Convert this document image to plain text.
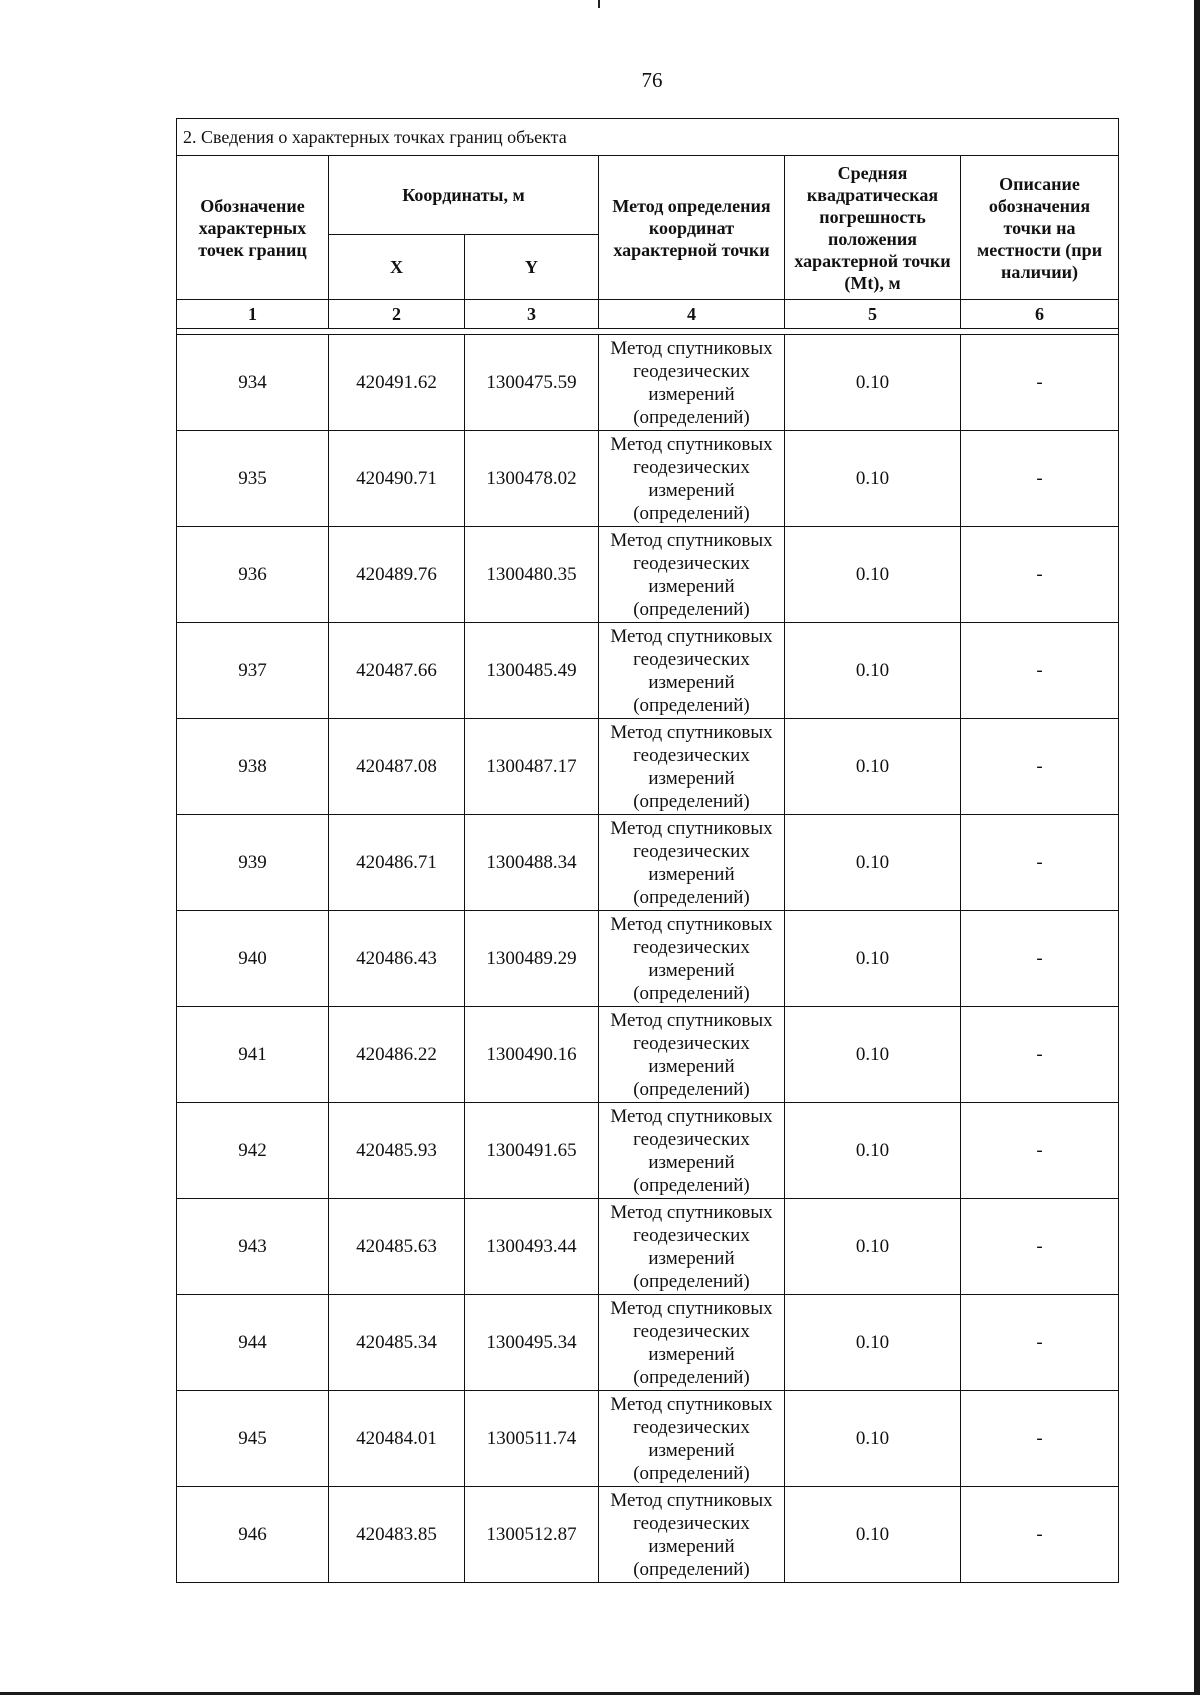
76
2. Сведения о характерных точках границ объекта					
Обозначение характерных точек границ	Координаты, м		Метод определения координат характерной точки	Средняя квадратическая погрешность положения характерной точки (Mt), м	Описание обозначения точки на местности (при наличии)
	X	Y			
1	2	3	4	5	6

934	420491.62	1300475.59	Метод спутниковых геодезических измерений (определений)	0.10	-
935	420490.71	1300478.02	Метод спутниковых геодезических измерений (определений)	0.10	-
936	420489.76	1300480.35	Метод спутниковых геодезических измерений (определений)	0.10	-
937	420487.66	1300485.49	Метод спутниковых геодезических измерений (определений)	0.10	-
938	420487.08	1300487.17	Метод спутниковых геодезических измерений (определений)	0.10	-
939	420486.71	1300488.34	Метод спутниковых геодезических измерений (определений)	0.10	-
940	420486.43	1300489.29	Метод спутниковых геодезических измерений (определений)	0.10	-
941	420486.22	1300490.16	Метод спутниковых геодезических измерений (определений)	0.10	-
942	420485.93	1300491.65	Метод спутниковых геодезических измерений (определений)	0.10	-
943	420485.63	1300493.44	Метод спутниковых геодезических измерений (определений)	0.10	-
944	420485.34	1300495.34	Метод спутниковых геодезических измерений (определений)	0.10	-
945	420484.01	1300511.74	Метод спутниковых геодезических измерений (определений)	0.10	-
946	420483.85	1300512.87	Метод спутниковых геодезических измерений (определений)	0.10	-
